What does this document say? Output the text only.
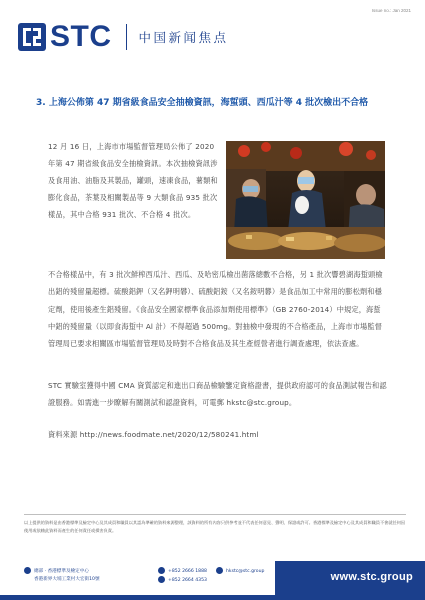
Issue no.: Jan 2021
STC 中国新闻焦点
3. 上海公佈第 47 期省級食品安全抽檢資訊，海蜇頭、西瓜汁等 4 批次檢出不合格
12 月 16 日，上海市市場監督管理局公佈了 2020 年第 47 期省級食品安全抽檢資訊。本次抽檢資訊涉及食用油、油脂及其製品，罐頭，速凍食品，薯類和膨化食品，茶葉及相關製品等 9 大類食品 935 批次樣品，其中合格 931 批次、不合格 4 批次。
不合格樣品中，有 3 批次鮮榨西瓜汁、西瓜、及哈密瓜檢出菌落總數不合格，另 1 批次響碧湖海蜇頭檢出鋁的殘留量超標。硫酸鋁鉀（又名鉀明礬）、硫酸鋁銨（又名銨明礬）是食品加工中常用的膨松劑和穩定劑，使用後產生鋁殘留。《食品安全國家標準食品添加劑使用標準》（GB 2760-2014）中規定，海蜇中鋁的殘留量（以即食海蜇中 Al 計）不得超過 500mg。對抽檢中發現的不合格產品，上海市市場監督管理局已要求相關區市場監督管理局及時對不合格食品及其生產經營者進行調查處理，依法查處。
STC 實驗室獲得中國 CMA 資質認定和進出口商品檢驗鑒定資格證書，提供政府認可的食品測試報告和認證服務。如需進一步瞭解有關測試和認證資料，可電郵 hkstc@stc.group。
資料來源 http://news.foodmate.net/2020/12/580241.html
以上提供的資料是由香港標準及檢定中心及其成員和職員以其認為準確的資料來源整理，該資料的所有內容只供參考並不代表任何意見、聲明、保證或許可。香港標準及檢定中心及其成員和職員不會就任何因使用或依賴此資料而產生的任何責任或損害負責。
總部 · 香港標準及檢定中心
香港新界大埔工業村大宏街10號
+852 2666 1888
+852 2664 4353
hkstc@stc.group	www.stc.group
